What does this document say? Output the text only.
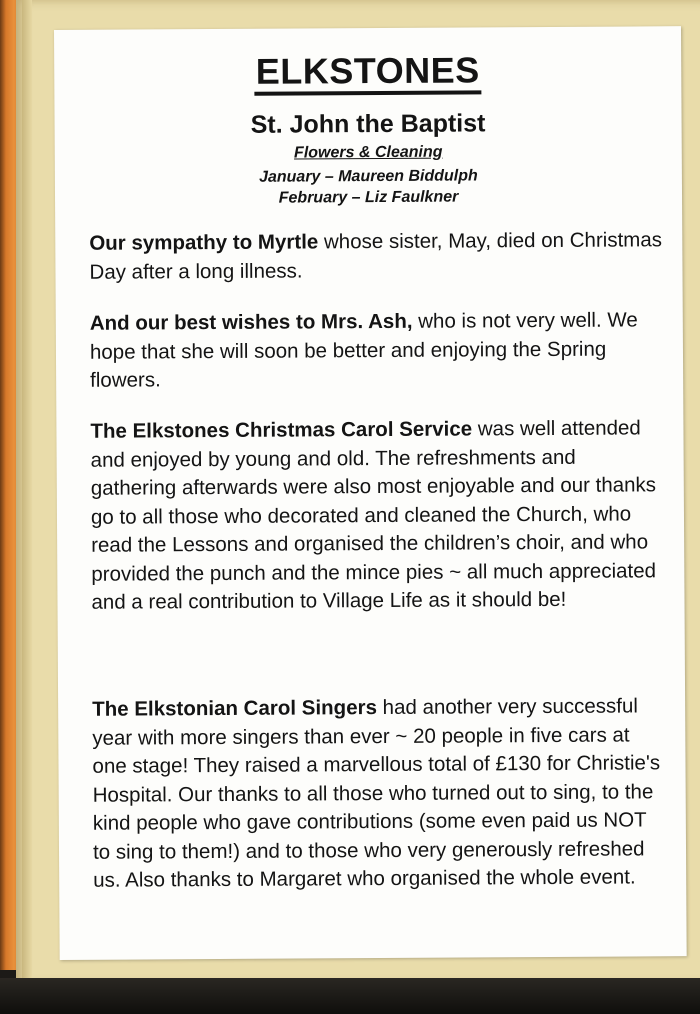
ELKSTONES
St. John the Baptist
Flowers & Cleaning
January – Maureen Biddulph
February – Liz Faulkner
Our sympathy to Myrtle whose sister, May, died on Christmas Day after a long illness.
And our best wishes to Mrs. Ash, who is not very well. We hope that she will soon be better and enjoying the Spring flowers.
The Elkstones Christmas Carol Service was well attended and enjoyed by young and old. The refreshments and gathering afterwards were also most enjoyable and our thanks go to all those who decorated and cleaned the Church, who read the Lessons and organised the children’s choir, and who provided the punch and the mince pies ~ all much appreciated and a real contribution to Village Life as it should be!
The Elkstonian Carol Singers had another very successful year with more singers than ever ~ 20 people in five cars at one stage! They raised a marvellous total of £130 for Christie's Hospital. Our thanks to all those who turned out to sing, to the kind people who gave contributions (some even paid us NOT to sing to them!) and to those who very generously refreshed us. Also thanks to Margaret who organised the whole event.
